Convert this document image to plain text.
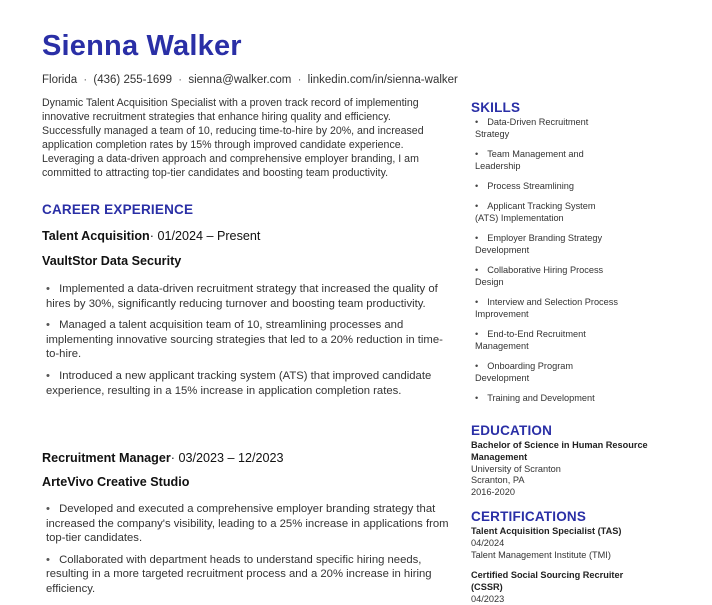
Sienna Walker
Florida · (436) 255-1699 · sienna@walker.com · linkedin.com/in/sienna-walker

Dynamic Talent Acquisition Specialist with a proven track record of implementing innovative recruitment strategies that enhance hiring quality and efficiency. Successfully managed a team of 10, reducing time-to-hire by 20%, and increased application completion rates by 15% through improved candidate experience. Leveraging a data-driven approach and comprehensive employer branding, I am committed to attracting top-tier candidates and boosting team productivity.

CAREER EXPERIENCE
Talent Acquisition· 01/2024 – Present
VaultStor Data Security
• Implemented a data-driven recruitment strategy that increased the quality of hires by 30%, significantly reducing turnover and boosting team productivity.
• Managed a talent acquisition team of 10, streamlining processes and implementing innovative sourcing strategies that led to a 20% reduction in time-to-hire.
• Introduced a new applicant tracking system (ATS) that improved candidate experience, resulting in a 15% increase in application completion rates.
Recruitment Manager· 03/2023 – 12/2023
ArteVivo Creative Studio
• Developed and executed a comprehensive employer branding strategy that increased the company's visibility, leading to a 25% increase in applications from top-tier candidates.
• Collaborated with department heads to understand specific hiring needs, resulting in a more targeted recruitment process and a 20% increase in hiring efficiency.
SKILLS
• Data-Driven Recruitment Strategy
• Team Management and Leadership
• Process Streamlining
• Applicant Tracking System (ATS) Implementation
• Employer Branding Strategy Development
• Collaborative Hiring Process Design
• Interview and Selection Process Improvement
• End-to-End Recruitment Management
• Onboarding Program Development
• Training and Development
EDUCATION
Bachelor of Science in Human Resource Management
University of Scranton
Scranton, PA
2016-2020
CERTIFICATIONS
Talent Acquisition Specialist (TAS)
04/2024
Talent Management Institute (TMI)
Certified Social Sourcing Recruiter (CSSR)
04/2023
